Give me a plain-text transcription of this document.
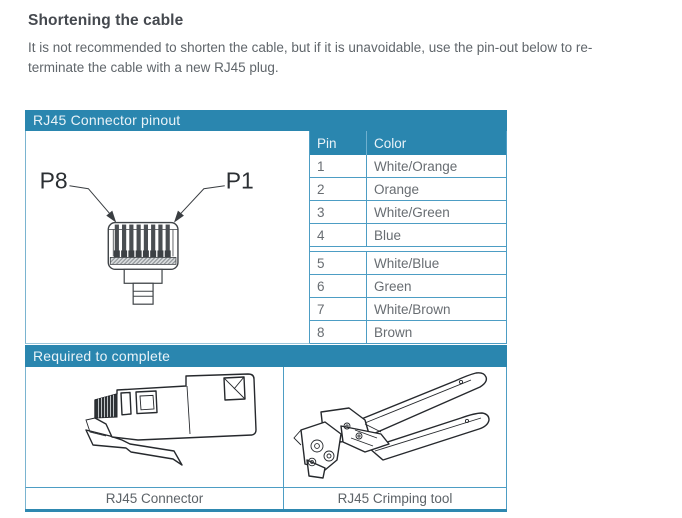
Shortening the cable
It is not recommended to shorten the cable, but if it is unavoidable, use the pin-out below to re-terminate the cable with a new RJ45 plug.
RJ45 Connector pinout
P8	P1
Pin	Color
1	White/Orange
2	Orange
3	White/Green
4	Blue
5	White/Blue
6	Green
7	White/Brown
8	Brown
Required to complete
RJ45 Connector	RJ45 Crimping tool
